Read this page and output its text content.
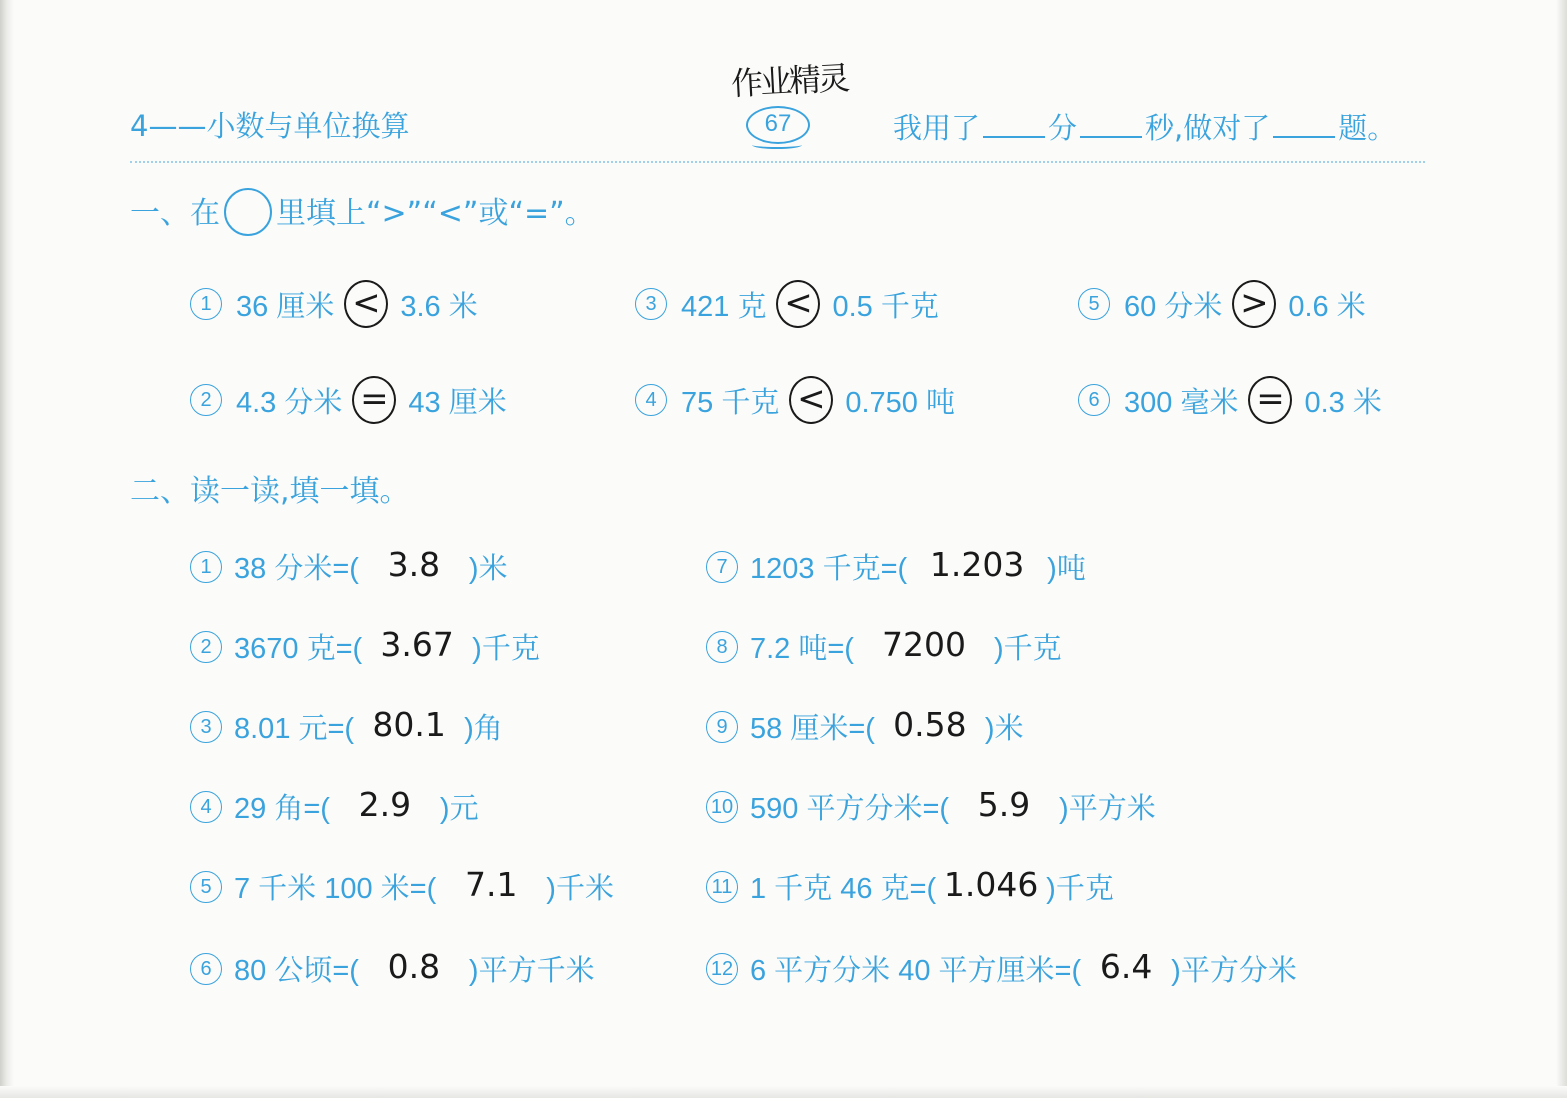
4——小数与单位换算
作业精灵
67	我用了 分 秒,做对了 题。
一、在 里填上“>”“<”或“=”。
1 36 厘米 < 3.6 米
2 4.3 分米 = 43 厘米
3 421 克 < 0.5 千克
4 75 千克 < 0.750 吨
5 60 分米 > 0.6 米
6 300 毫米 = 0.3 米
二、读一读,填一填。
1 38 分米=( 3.8 )米
2 3670 克=( 3.67 )千克
3 8.01 元=( 80.1 )角
4 29 角=( 2.9 )元
5 7 千米 100 米=( 7.1 )千米
6 80 公顷=( 0.8 )平方千米
7 1203 千克=( 1.203 )吨
8 7.2 吨=( 7200 )千克
9 58 厘米=( 0.58 )米
10 590 平方分米=( 5.9 )平方米
11 1 千克 46 克=( 1.046 )千克
12 6 平方分米 40 平方厘米=( 6.4 )平方分米
